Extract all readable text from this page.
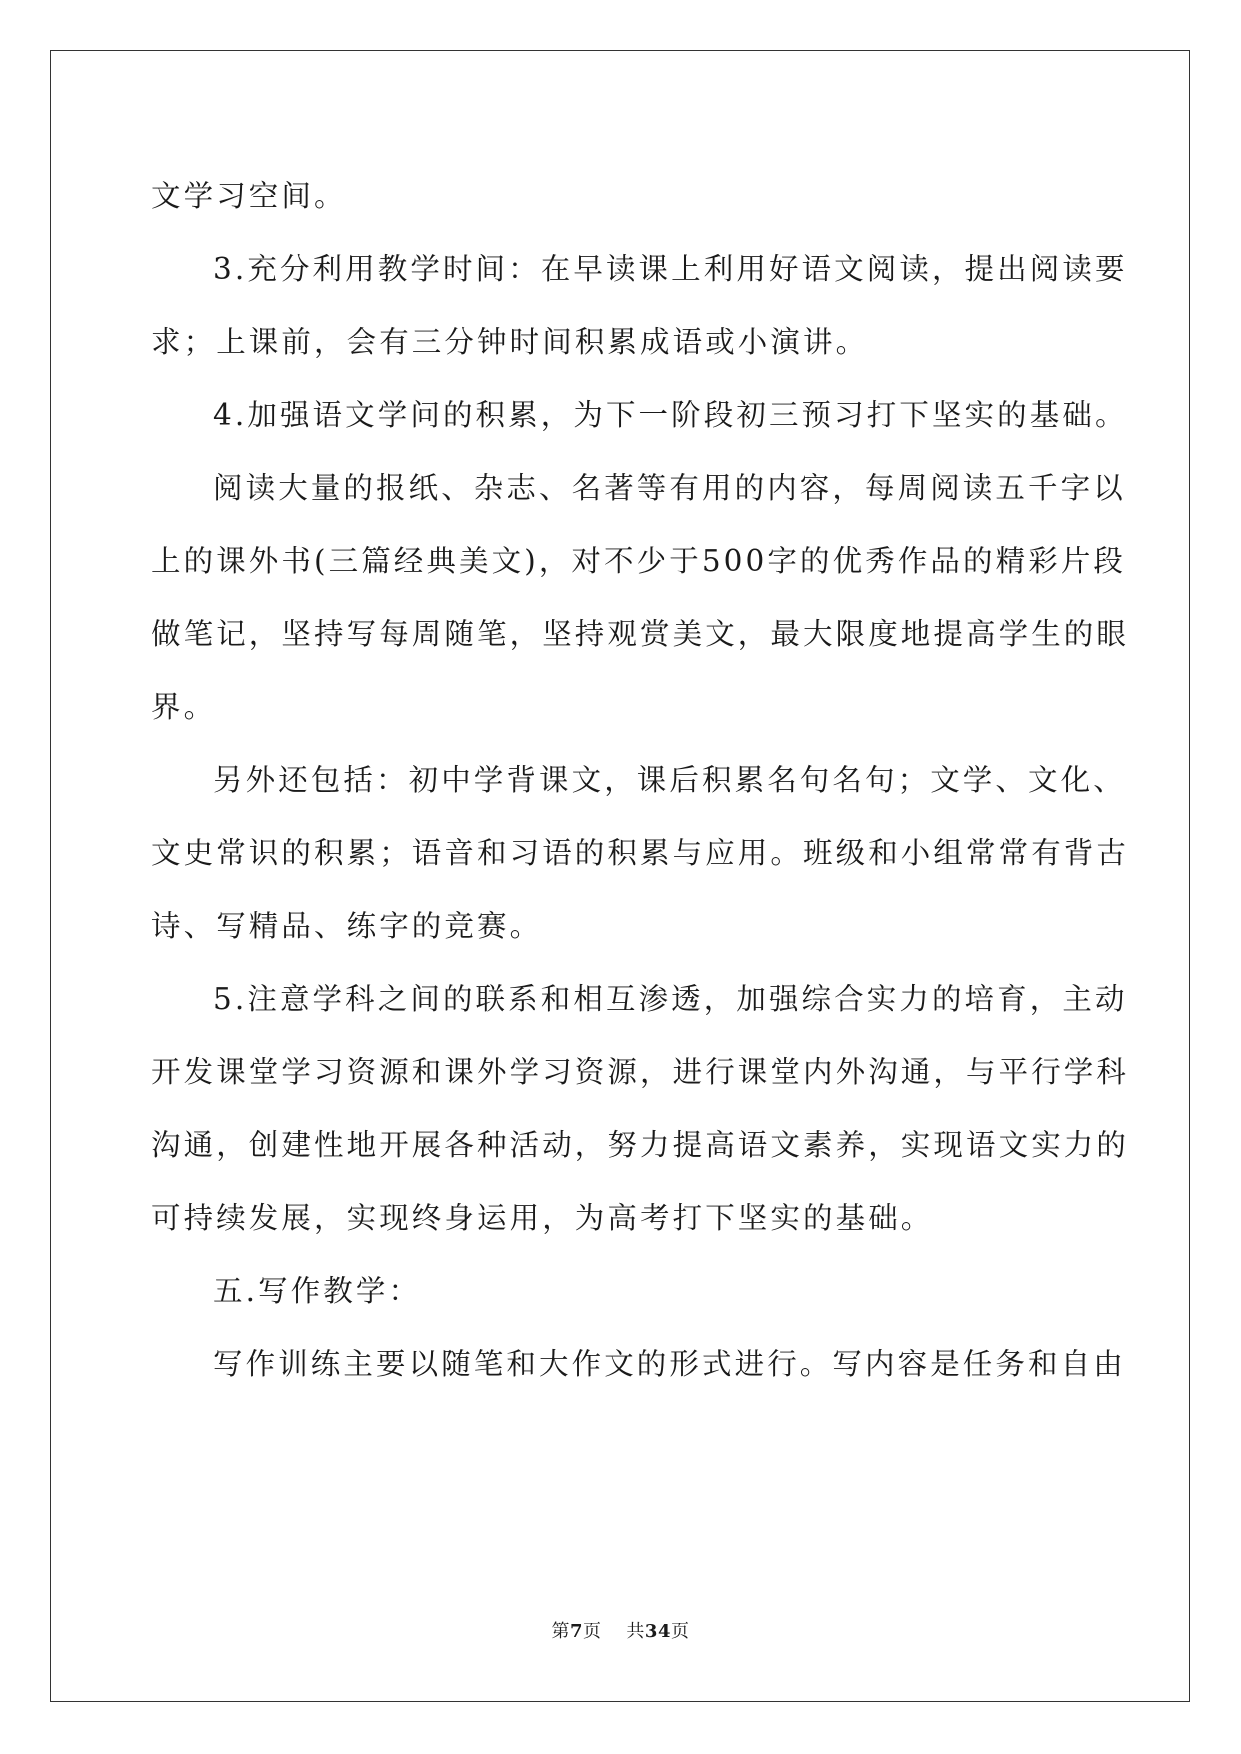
文学习空间。

3.充分利用教学时间：在早读课上利用好语文阅读，提出阅读要
求；上课前，会有三分钟时间积累成语或小演讲。

4.加强语文学问的积累，为下一阶段初三预习打下坚实的基础。

阅读大量的报纸、杂志、名著等有用的内容，每周阅读五千字以
上的课外书(三篇经典美文)，对不少于500字的优秀作品的精彩片段
做笔记，坚持写每周随笔，坚持观赏美文，最大限度地提高学生的眼
界。

另外还包括：初中学背课文，课后积累名句名句；文学、文化、
文史常识的积累；语音和习语的积累与应用。班级和小组常常有背古
诗、写精品、练字的竞赛。

5.注意学科之间的联系和相互渗透，加强综合实力的培育，主动
开发课堂学习资源和课外学习资源，进行课堂内外沟通，与平行学科
沟通，创建性地开展各种活动，努力提高语文素养，实现语文实力的
可持续发展，实现终身运用，为高考打下坚实的基础。

五.写作教学：

写作训练主要以随笔和大作文的形式进行。写内容是任务和自由

第7页 共34页
